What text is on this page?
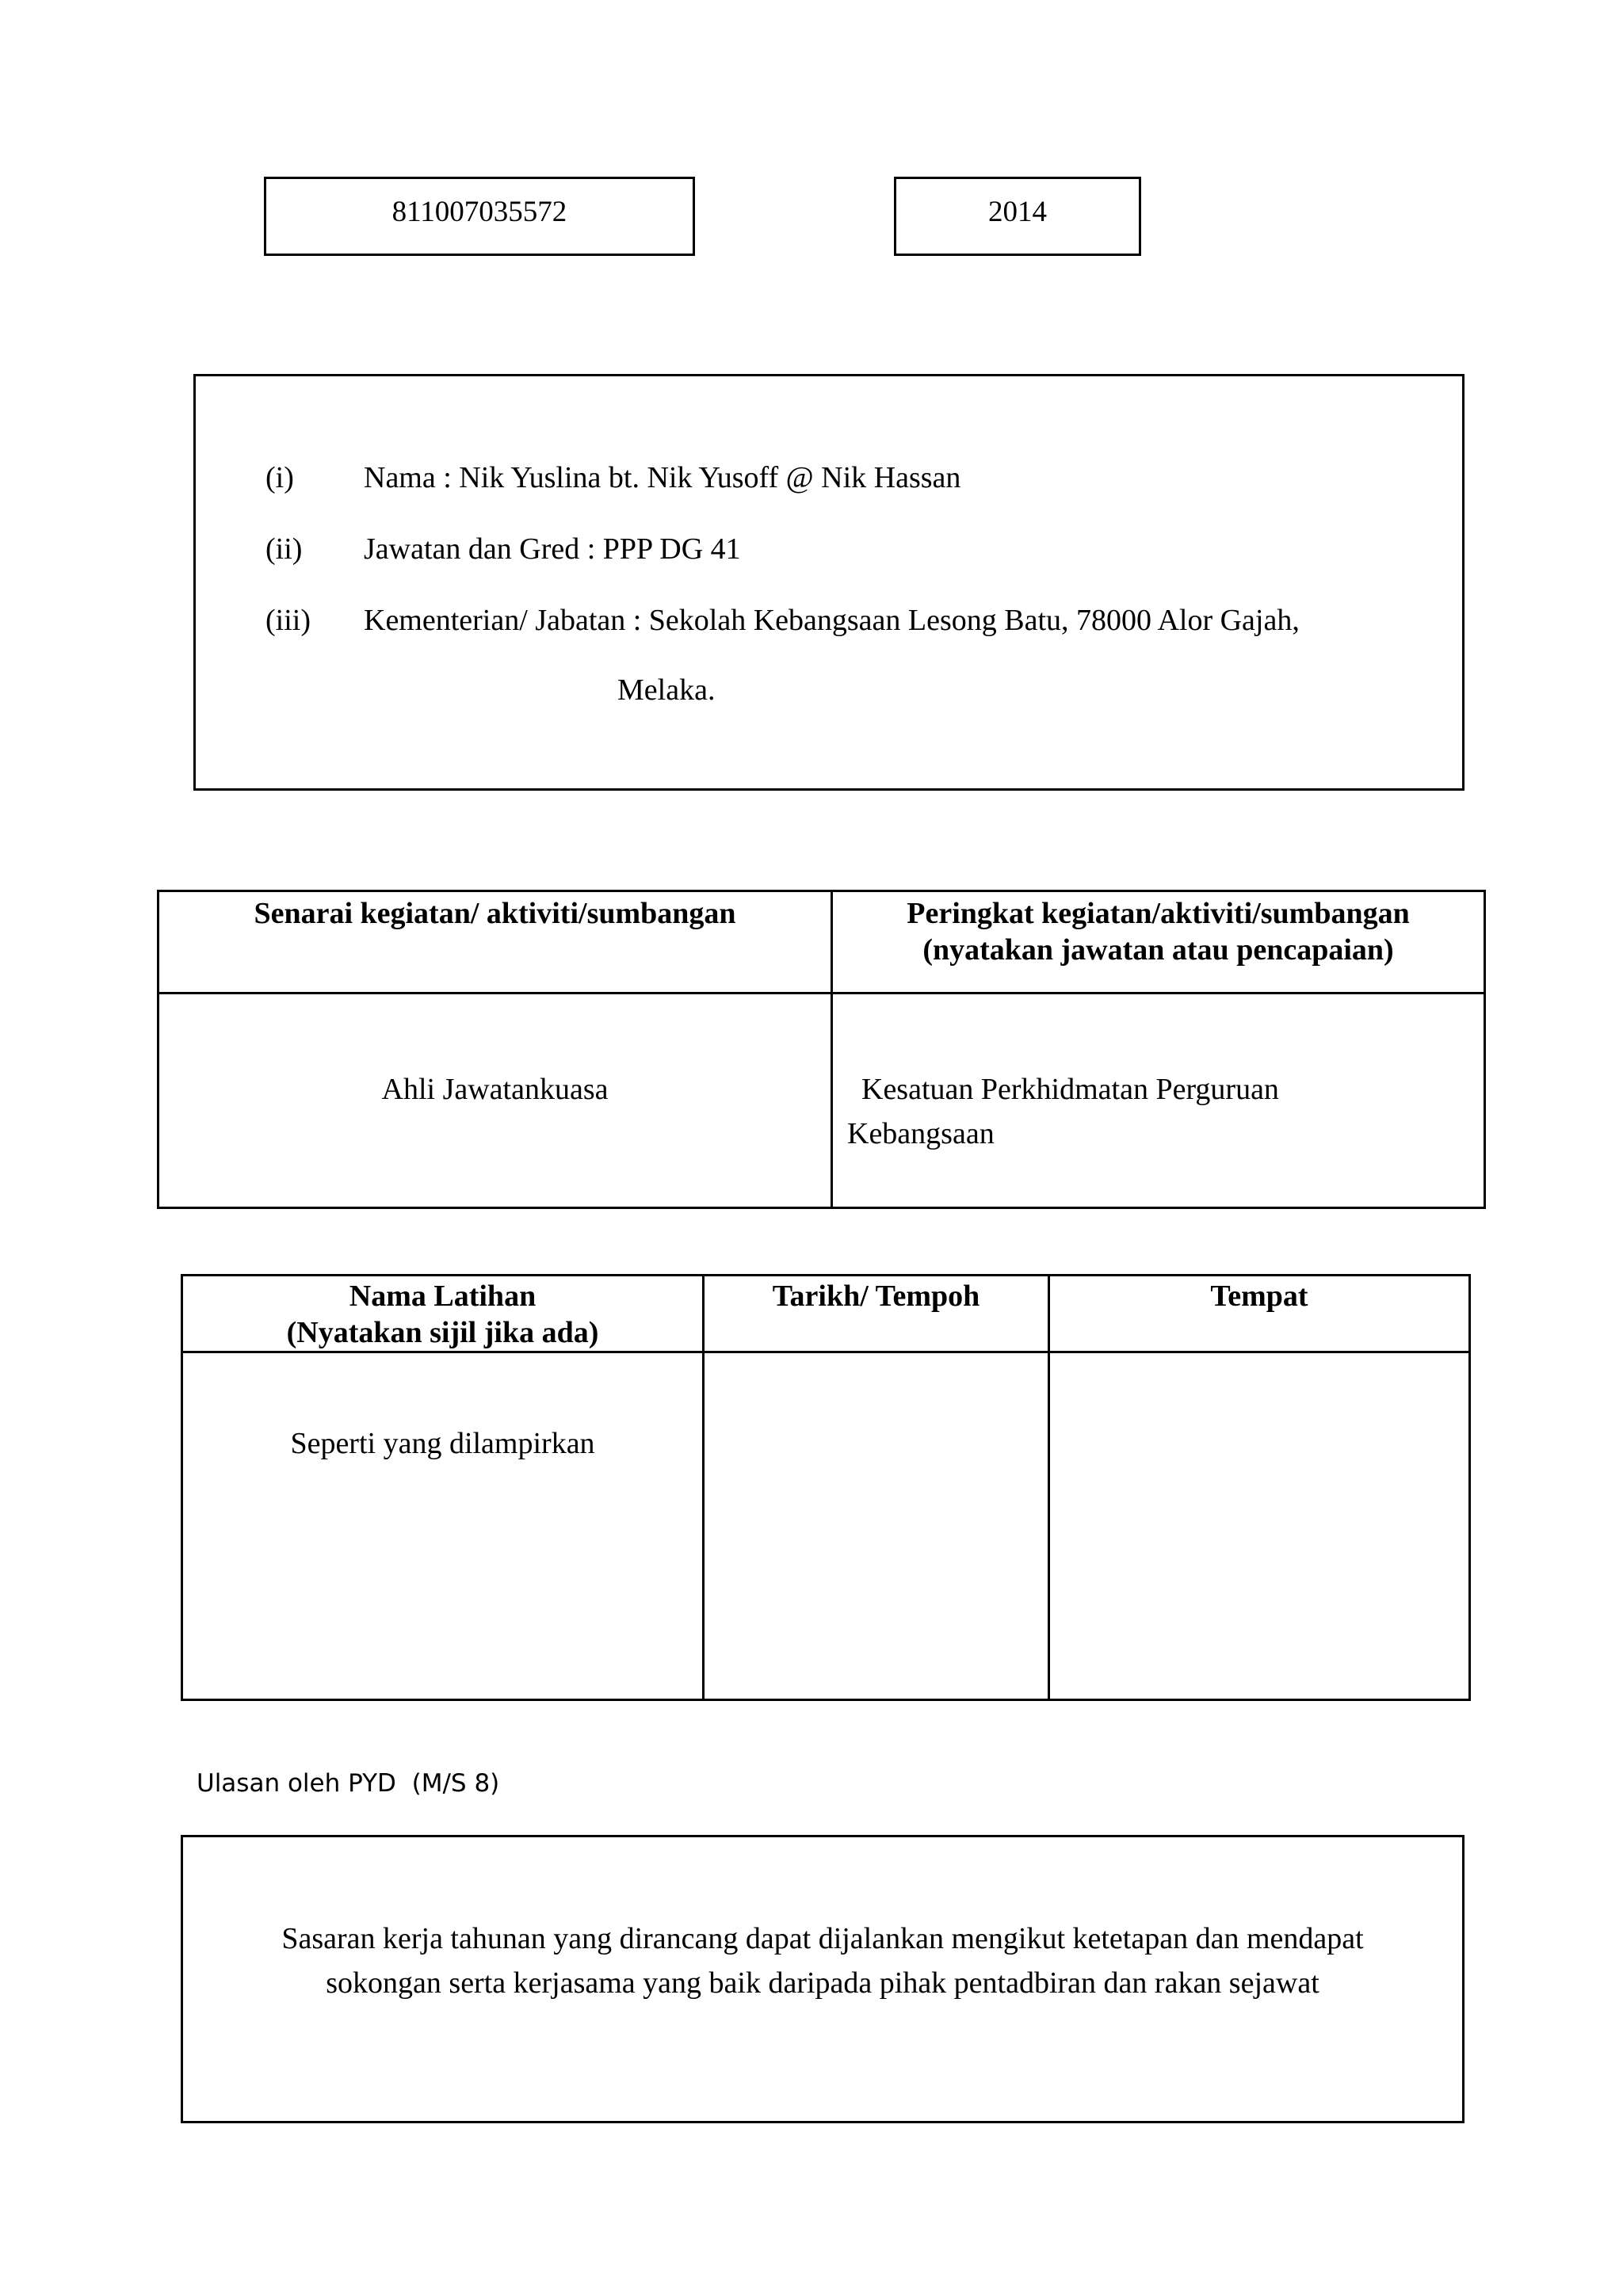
811007035572	2014
(i) Nama : Nik Yuslina bt. Nik Yusoff @ Nik Hassan
(ii) Jawatan dan Gred : PPP DG 41
(iii) Kementerian/ Jabatan : Sekolah Kebangsaan Lesong Batu, 78000 Alor Gajah,
Melaka.
Senarai kegiatan/ aktiviti/sumbangan	Peringkat kegiatan/aktiviti/sumbangan
(nyatakan jawatan atau pencapaian)

Ahli Jawatankuasa	Kesatuan Perkhidmatan Perguruan
Kebangsaan
Nama Latihan
(Nyatakan sijil jika ada)	Tarikh/ Tempoh	Tempat

Seperti yang dilampirkan		

Ulasan oleh PYD  (M/S 8)
Sasaran kerja tahunan yang dirancang dapat dijalankan mengikut ketetapan dan mendapat
sokongan serta kerjasama yang baik daripada pihak pentadbiran dan rakan sejawat
